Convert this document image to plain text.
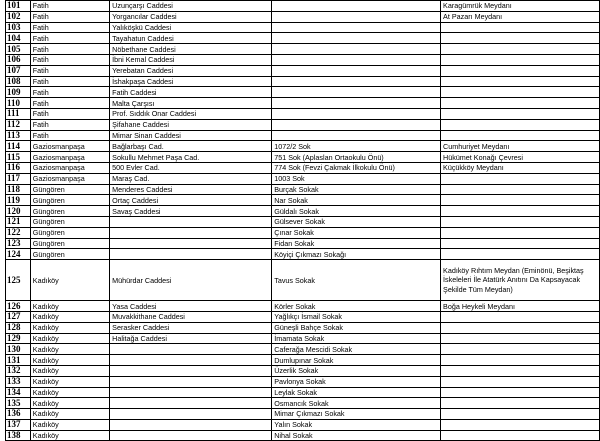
101	Fatih	Uzunçarşı Caddesi		Karagümrük Meydanı
102	Fatih	Yorgancılar Caddesi		At Pazarı Meydanı
103	Fatih	Yalıköşkü Caddesi		
104	Fatih	Tayahatun Caddesi		
105	Fatih	Nöbethane Caddesi		
106	Fatih	İbni Kemal Caddesi		
107	Fatih	Yerebatan Caddesi		
108	Fatih	İshakpaşa Caddesi		
109	Fatih	Fatih Caddesi		
110	Fatih	Malta Çarşısı		
111	Fatih	Prof. Sıddık Onar Caddesi		
112	Fatih	Şifahane Caddesi		
113	Fatih	Mimar Sinan Caddesi		
114	Gaziosmanpaşa	Bağlarbaşı Cad.	1072/2 Sok	Cumhuriyet Meydanı
115	Gaziosmanpaşa	Sokullu Mehmet Paşa Cad.	751 Sok (Aplaslan Ortaokulu Önü)	Hükümet Konağı Çevresi
116	Gaziosmanpaşa	500 Evler Cad.	774 Sok (Fevzi Çakmak İlkokulu Önü)	Küçükköy Meydanı
117	Gaziosmanpaşa	Maraş Cad.	1003 Sok	
118	Güngören	Menderes Caddesi	Burçak Sokak	
119	Güngören	Ortaç Caddesi	Nar Sokak	
120	Güngören	Savaş Caddesi	Güldalı Sokak	
121	Güngören		Gülsever Sokak	
122	Güngören		Çınar Sokak	
123	Güngören		Fidan Sokak	
124	Güngören		Köyiçi Çıkmazı Sokağı	
125	Kadıköy	Mühürdar Caddesi	Tavus Sokak	Kadıköy Rıhtım Meydan (Eminönü, Beşiktaş İskeleleri İle Atatürk Anıtını Da Kapsayacak Şekilde Tüm Meydan)
126	Kadıköy	Yasa Caddesi	Körler Sokak	Boğa Heykeli Meydanı
127	Kadıköy	Muvakkithane Caddesi	Yağlıkçı İsmail Sokak	
128	Kadıköy	Serasker Caddesi	Güneşli Bahçe Sokak	
129	Kadıköy	Halitağa Caddesi	İmamata Sokak	
130	Kadıköy		Caferağa Mescidi Sokak	
131	Kadıköy		Dumlupınar Sokak	
132	Kadıköy		Üzerlik Sokak	
133	Kadıköy		Pavlonya Sokak	
134	Kadıköy		Leylak Sokak	
135	Kadıköy		Osmancık Sokak	
136	Kadıköy		Mimar Çıkmazı Sokak	
137	Kadıköy		Yalın Sokak	
138	Kadıköy		Nihal Sokak	
